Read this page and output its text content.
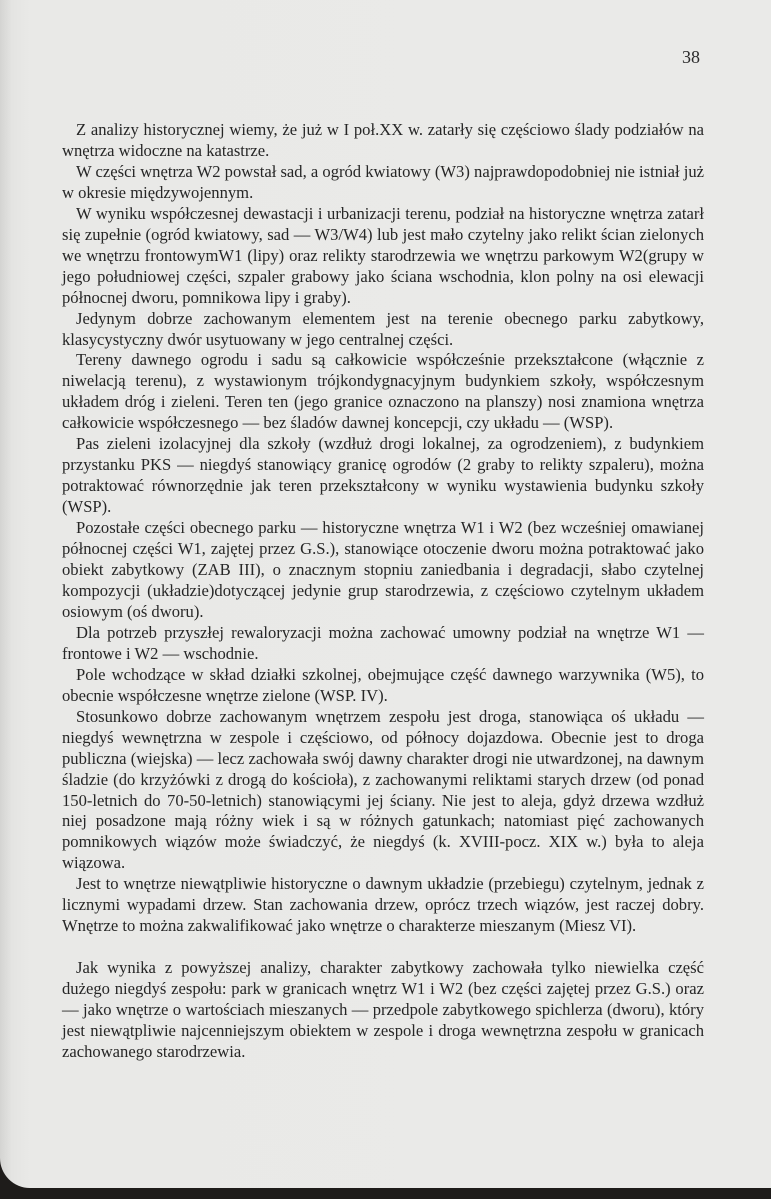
38

Z analizy historycznej wiemy, że już w I poł.XX w. zatarły się częściowo ślady podziałów na wnętrza widoczne na katastrze.

W części wnętrza W2 powstał sad, a ogród kwiatowy (W3) najprawdopodobniej nie istniał już w okresie międzywojennym.

W wyniku współczesnej dewastacji i urbanizacji terenu, podział na historyczne wnętrza zatarł się zupełnie (ogród kwiatowy, sad — W3/W4) lub jest mało czytelny jako relikt ścian zielonych we wnętrzu frontowymW1 (lipy) oraz relikty starodrzewia we wnętrzu parkowym W2(grupy w jego południowej części, szpaler grabowy jako ściana wschodnia, klon polny na osi elewacji północnej dworu, pomnikowa lipy i graby).

Jedynym dobrze zachowanym elementem jest na terenie obecnego parku zabytkowy, klasycystyczny dwór usytuowany w jego centralnej części.

Tereny dawnego ogrodu i sadu są całkowicie współcześnie przekształcone (włącznie z niwelacją terenu), z wystawionym trójkondygnacyjnym budynkiem szkoły, współczesnym układem dróg i zieleni. Teren ten (jego granice oznaczono na planszy) nosi znamiona wnętrza całkowicie współczesnego — bez śladów dawnej koncepcji, czy układu — (WSP).

Pas zieleni izolacyjnej dla szkoły (wzdłuż drogi lokalnej, za ogrodzeniem), z budynkiem przystanku PKS — niegdyś stanowiący granicę ogrodów (2 graby to relikty szpaleru), można potraktować równorzędnie jak teren przekształcony w wyniku wystawienia budynku szkoły (WSP).

Pozostałe części obecnego parku — historyczne wnętrza W1 i W2 (bez wcześniej omawianej północnej części W1, zajętej przez G.S.), stanowiące otoczenie dworu można potraktować jako obiekt zabytkowy (ZAB III), o znacznym stopniu zaniedbania i degradacji, słabo czytelnej kompozycji (układzie)dotyczącej jedynie grup starodrzewia, z częściowo czytelnym układem osiowym (oś dworu).

Dla potrzeb przyszłej rewaloryzacji można zachować umowny podział na wnętrze W1 — frontowe i W2 — wschodnie.

Pole wchodzące w skład działki szkolnej, obejmujące część dawnego warzywnika (W5), to obecnie współczesne wnętrze zielone (WSP. IV).

Stosunkowo dobrze zachowanym wnętrzem zespołu jest droga, stanowiąca oś układu — niegdyś wewnętrzna w zespole i częściowo, od północy dojazdowa. Obecnie jest to droga publiczna (wiejska) — lecz zachowała swój dawny charakter drogi nie utwardzonej, na dawnym śladzie (do krzyżówki z drogą do kościoła), z zachowanymi reliktami starych drzew (od ponad 150-letnich do 70-50-letnich) stanowiącymi jej ściany. Nie jest to aleja, gdyż drzewa wzdłuż niej posadzone mają różny wiek i są w różnych gatunkach; natomiast pięć zachowanych pomnikowych wiązów może świadczyć, że niegdyś (k. XVIII-pocz. XIX w.) była to aleja wiązowa.

Jest to wnętrze niewątpliwie historyczne o dawnym układzie (przebiegu) czytelnym, jednak z licznymi wypadami drzew. Stan zachowania drzew, oprócz trzech wiązów, jest raczej dobry. Wnętrze to można zakwalifikować jako wnętrze o charakterze mieszanym (Miesz VI).

Jak wynika z powyższej analizy, charakter zabytkowy zachowała tylko niewielka część dużego niegdyś zespołu: park w granicach wnętrz W1 i W2 (bez części zajętej przez G.S.) oraz — jako wnętrze o wartościach mieszanych — przedpole zabytkowego spichlerza (dworu), który jest niewątpliwie najcenniejszym obiektem w zespole i droga wewnętrzna zespołu w granicach zachowanego starodrzewia.
